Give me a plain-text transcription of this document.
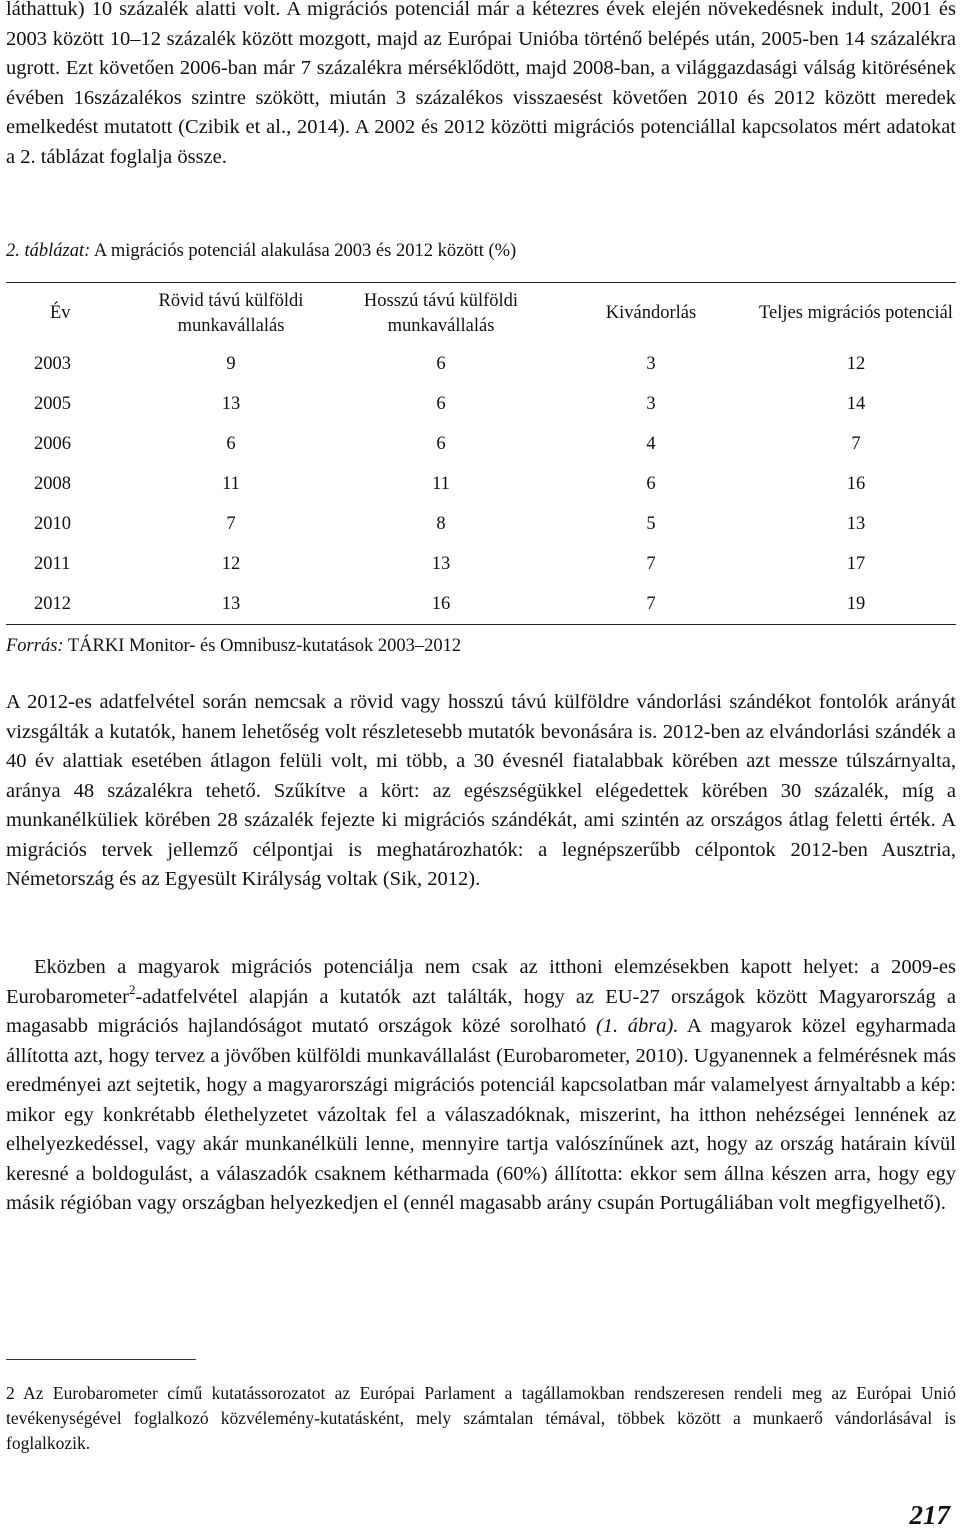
láthattuk) 10 százalék alatti volt. A migrációs potenciál már a kétezres évek elején növekedésnek indult, 2001 és 2003 között 10–12 százalék között mozgott, majd az Európai Unióba történő belépés után, 2005-ben 14 százalékra ugrott. Ezt követően 2006-ban már 7 százalékra mérséklődött, majd 2008-ban, a világgazdasági válság kitörésének évében 16százalékos szintre szökött, miután 3 százalékos visszaesést követően 2010 és 2012 között meredek emelkedést mutatott (Czibik et al., 2014). A 2002 és 2012 közötti migrációs potenciállal kapcsolatos mért adatokat a 2. táblázat foglalja össze.

2. táblázat: A migrációs potenciál alakulása 2003 és 2012 között (%)
Év	Rövid távú külföldi munkavállalás	Hosszú távú külföldi munkavállalás	Kivándorlás	Teljes migrációs potenciál
2003	9	6	3	12
2005	13	6	3	14
2006	6	6	4	7
2008	11	11	6	16
2010	7	8	5	13
2011	12	13	7	17
2012	13	16	7	19
Forrás: TÁRKI Monitor- és Omnibusz-kutatások 2003–2012

A 2012-es adatfelvétel során nemcsak a rövid vagy hosszú távú külföldre vándorlási szándékot fontolók arányát vizsgálták a kutatók, hanem lehetőség volt részletesebb mutatók bevonására is. 2012-ben az elvándorlási szándék a 40 év alattiak esetében átlagon felüli volt, mi több, a 30 évesnél fiatalabbak körében azt messze túlszárnyalta, aránya 48 százalékra tehető. Szűkítve a kört: az egészségükkel elégedettek körében 30 százalék, míg a munkanélküliek körében 28 százalék fejezte ki migrációs szándékát, ami szintén az országos átlag feletti érték. A migrációs tervek jellemző célpontjai is meghatározhatók: a legnépszerűbb célpontok 2012-ben Ausztria, Németország és az Egyesült Királyság voltak (Sik, 2012).

Eközben a magyarok migrációs potenciálja nem csak az itthoni elemzésekben kapott helyet: a 2009-es Eurobarometer$^2$-adatfelvétel alapján a kutatók azt találták, hogy az EU-27 országok között Magyarország a magasabb migrációs hajlandóságot mutató országok közé sorolható (1. ábra). A magyarok közel egyharmada állította azt, hogy tervez a jövőben külföldi munkavállalást (Eurobarometer, 2010). Ugyanennek a felmérésnek más eredményei azt sejtetik, hogy a magyarországi migrációs potenciál kapcsolatban már valamelyest árnyaltabb a kép: mikor egy konkrétabb élethelyzetet vázoltak fel a válaszadóknak, miszerint, ha itthon nehézségei lennének az elhelyezkedéssel, vagy akár munkanélküli lenne, mennyire tartja valószínűnek azt, hogy az ország határain kívül keresné a boldogulást, a válaszadók csaknem kétharmada (60%) állította: ekkor sem állna készen arra, hogy egy másik régióban vagy országban helyezkedjen el (ennél magasabb arány csupán Portugáliában volt megfigyelhető).

2 Az Eurobarometer című kutatássorozatot az Európai Parlament a tagállamokban rendszeresen rendeli meg az Európai Unió tevékenységével foglalkozó közvélemény-kutatásként, mely számtalan témával, többek között a munkaerő vándorlásával is foglalkozik.

217
